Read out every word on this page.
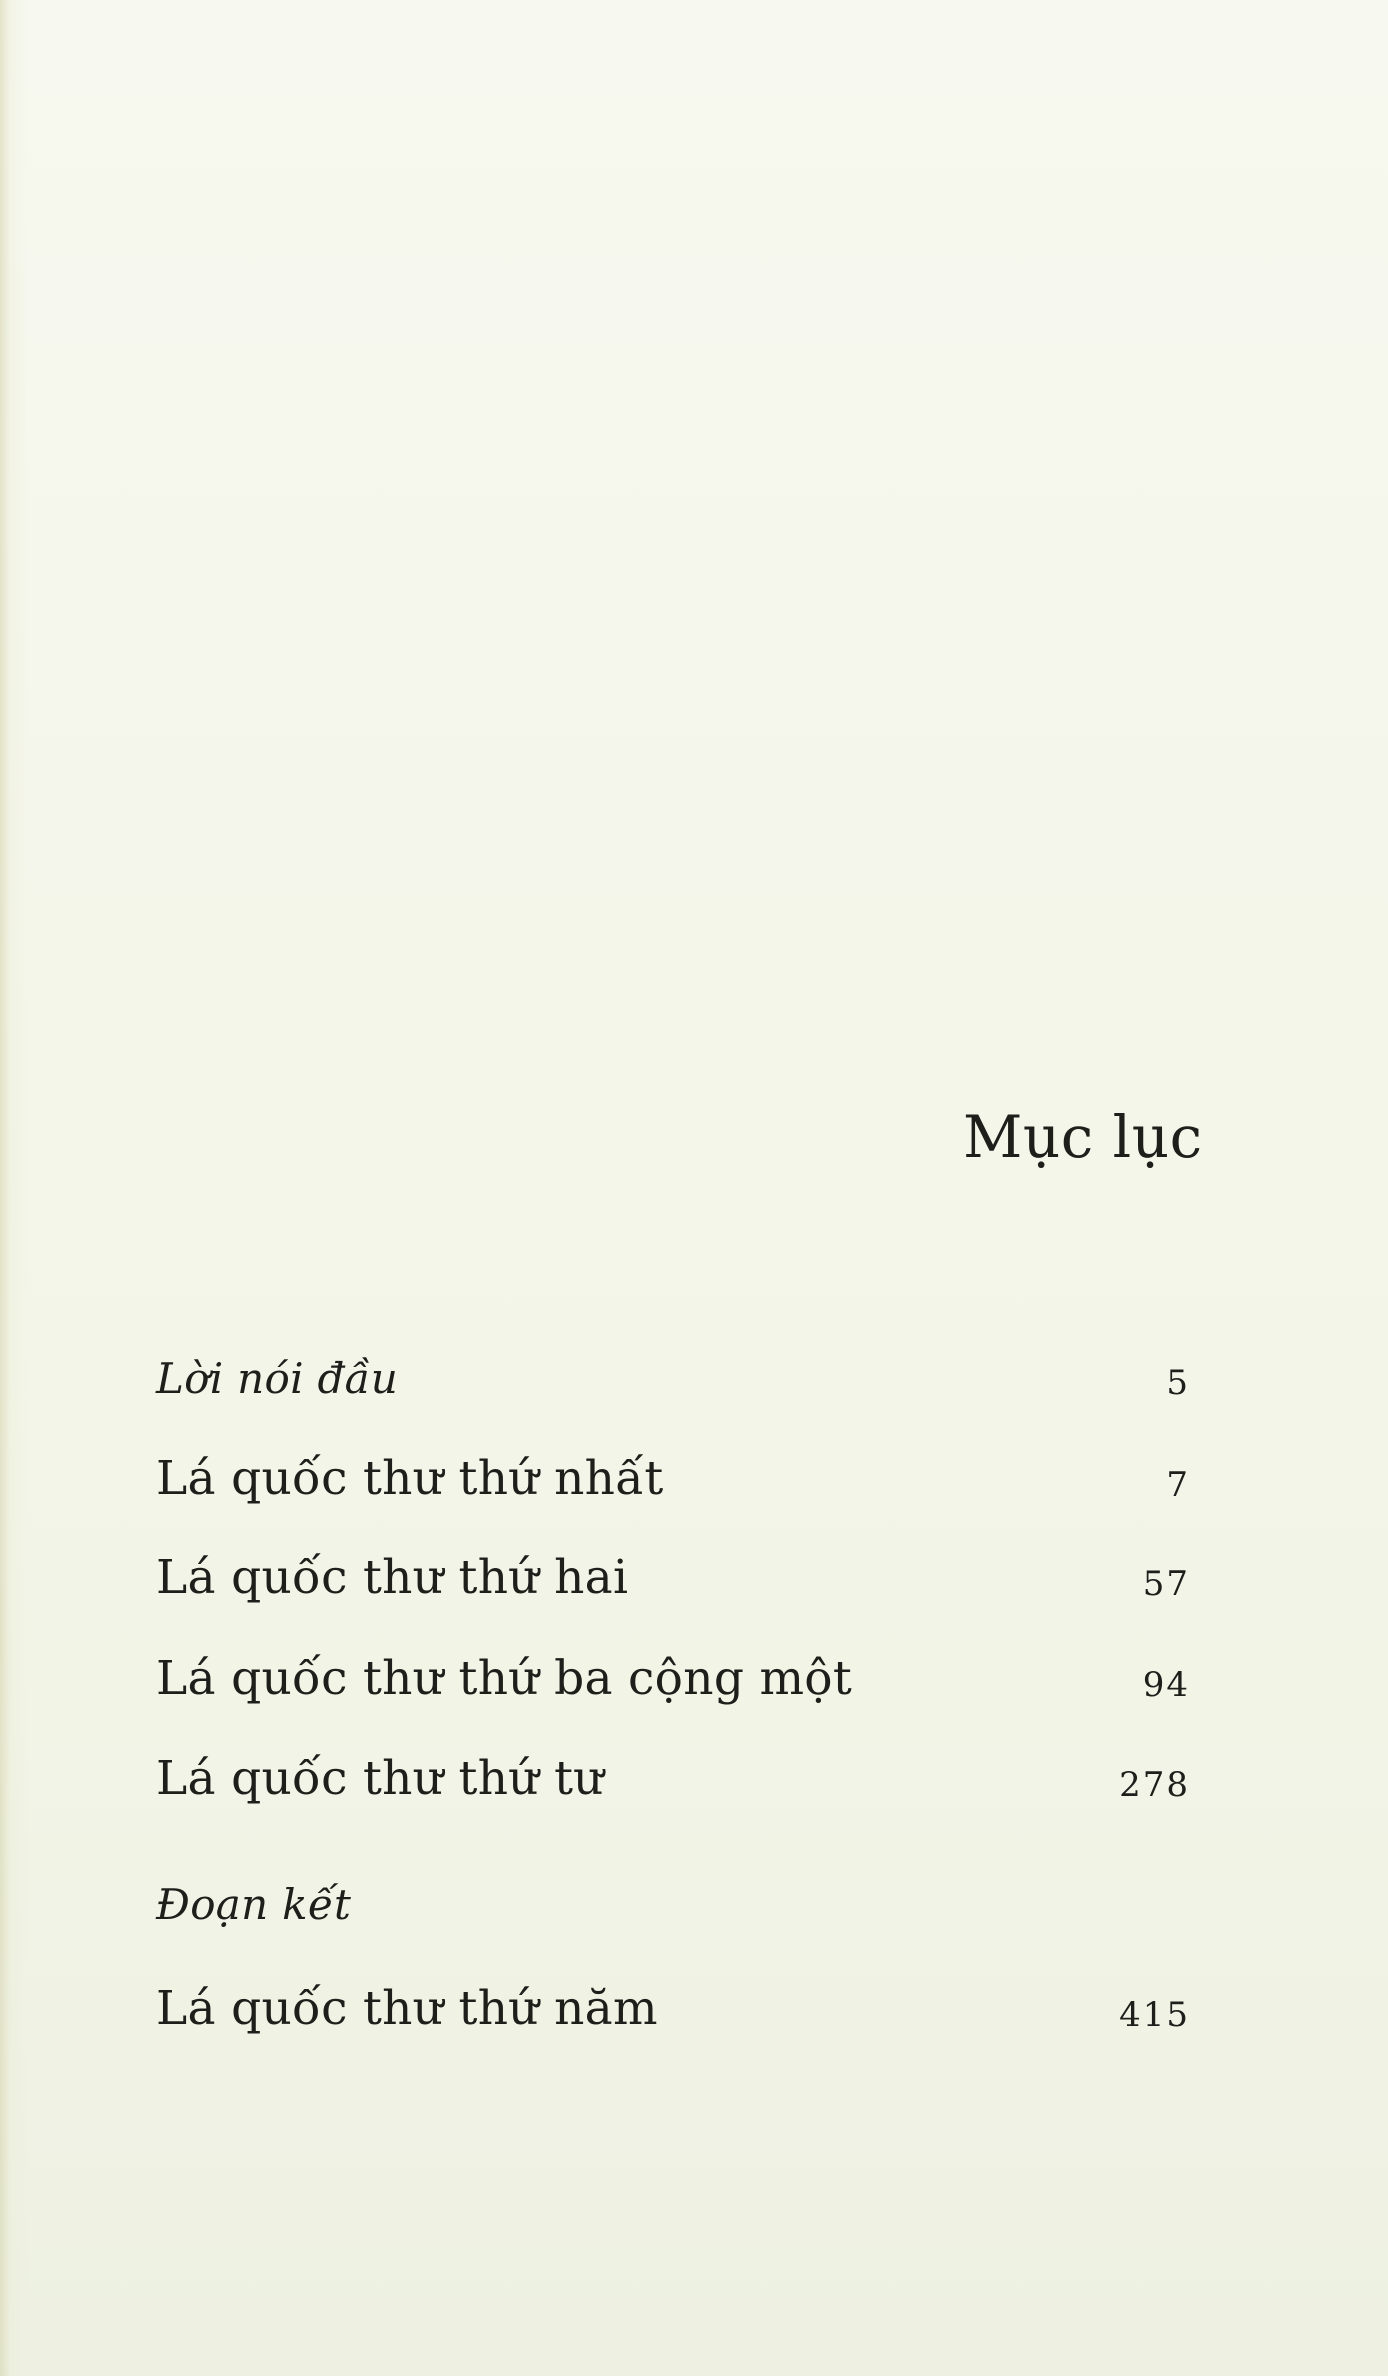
Mục lục
Lời nói đầu	5
Lá quốc thư thứ nhất	7
Lá quốc thư thứ hai	57
Lá quốc thư thứ ba cộng một	94
Lá quốc thư thứ tư	278
Đoạn kết
Lá quốc thư thứ năm	415
